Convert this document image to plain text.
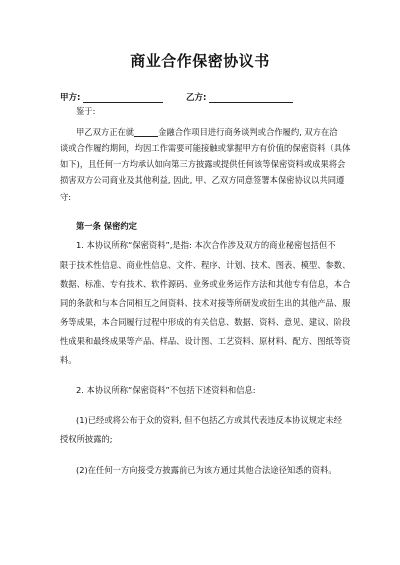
商业合作保密协议书
甲方:	乙方:
鉴于:
甲乙双方正在就	金融合作项目进行商务谈判或合作履约, 双方在洽
谈或合作履约期间，均因工作需要可能接触或掌握甲方有价值的保密资料（具体
如下)，且任何一方均承认如向第三方披露或提供任何该等保密资料或成果将会
损害双方公司商业及其他利益, 因此, 甲、乙双方同意签署本保密协议以共同遵
守:
第一条 保密约定
1. 本协议所称“保密资料”,是指: 本次合作涉及双方的商业秘密包括但不
限于技术性信息、商业性信息、文件、程序、计划、技术、图表、模型、参数、
数据、标准、专有技术、软件源码、业务或业务运作方法和其他专有信息，本合
同的条款和与本合同相互之间资料、技术对接等所研发或衍生出的其他产品、服
务等成果，本合同履行过程中形成的有关信息、数据、资料、意见、建议、阶段
性成果和最终成果等产品、样品、设计图、工艺资料、原材料、配方、图纸等资
料。
2. 本协议所称“保密资料”不包括下述资料和信息:
(1)已经或将公布于众的资料, 但不包括乙方或其代表违反本协议规定未经
授权所披露的;
(2)在任何一方向接受方披露前已为该方通过其他合法途径知悉的资料。
